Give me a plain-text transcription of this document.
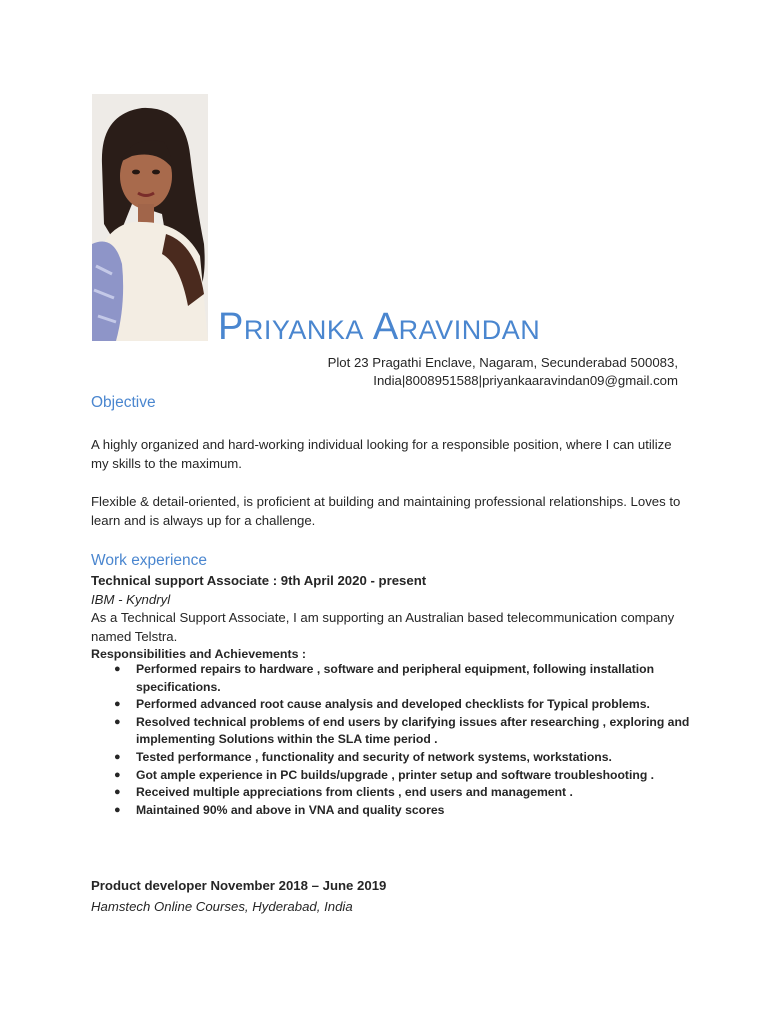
Priyanka Aravindan
Plot 23 Pragathi Enclave, Nagaram, Secunderabad 500083,
India|8008951588|priyankaaravindan09@gmail.com
Objective
A highly organized and hard-working individual looking for a responsible position, where I can utilize my skills to the maximum.
Flexible & detail-oriented, is proficient at building and maintaining professional relationships. Loves to learn and is always up for a challenge.
Work experience
Technical support Associate : 9th April 2020 - present
IBM - Kyndryl
As a Technical Support Associate, I am supporting an Australian based telecommunication company named Telstra.
Responsibilities and Achievements :
● Performed repairs to hardware , software and peripheral equipment, following installation specifications.
● Performed advanced root cause analysis and developed checklists for Typical problems.
● Resolved technical problems of end users by clarifying issues after researching , exploring and implementing Solutions within the SLA time period .
● Tested performance , functionality and security of network systems, workstations.
● Got ample experience in PC builds/upgrade , printer setup and software troubleshooting .
● Received multiple appreciations from clients , end users and management .
● Maintained 90% and above in VNA and quality scores
Product developer November 2018 – June 2019
Hamstech Online Courses, Hyderabad, India
